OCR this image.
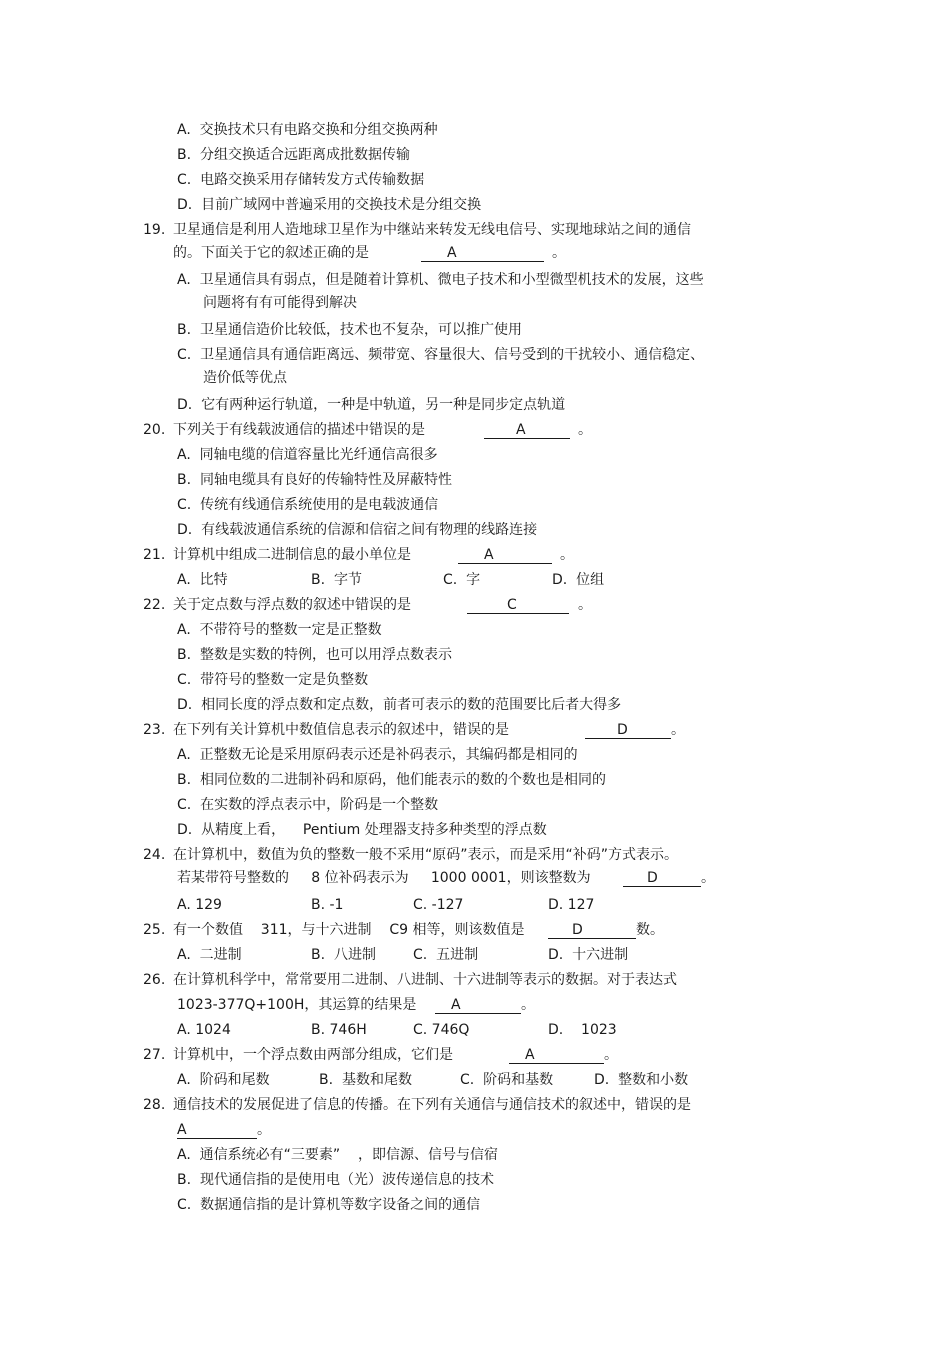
A.  交换技术只有电路交换和分组交换两种
B.  分组交换适合远距离成批数据传输
C.  电路交换采用存储转发方式传输数据
D.  目前广域网中普遍采用的交换技术是分组交换
19. 卫星通信是利用人造地球卫星作为中继站来转发无线电信号、实现地球站之间的通信
的。下面关于它的叙述正确的是	A	。
A.  卫星通信具有弱点，但是随着计算机、微电子技术和小型微型机技术的发展，这些
问题将有有可能得到解决
B.  卫星通信造价比较低，技术也不复杂，可以推广使用
C.  卫星通信具有通信距离远、频带宽、容量很大、信号受到的干扰较小、通信稳定、
造价低等优点
D.  它有两种运行轨道，一种是中轨道，另一种是同步定点轨道
20. 下列关于有线载波通信的描述中错误的是	A	。
A.  同轴电缆的信道容量比光纤通信高很多
B.  同轴电缆具有良好的传输特性及屏蔽特性
C.  传统有线通信系统使用的是电载波通信
D.  有线载波通信系统的信源和信宿之间有物理的线路连接
21. 计算机中组成二进制信息的最小单位是	A	。
A.  比特	B.  字节	C.  字	D.  位组
22. 关于定点数与浮点数的叙述中错误的是	C	。
A.  不带符号的整数一定是正整数
B.  整数是实数的特例，也可以用浮点数表示
C.  带符号的整数一定是负整数
D.  相同长度的浮点数和定点数，前者可表示的数的范围要比后者大得多
23. 在下列有关计算机中数值信息表示的叙述中，错误的是	D	。
A.  正整数无论是采用原码表示还是补码表示，其编码都是相同的
B.  相同位数的二进制补码和原码，他们能表示的数的个数也是相同的
C.  在实数的浮点表示中，阶码是一个整数
D.  从精度上看，    Pentium 处理器支持多种类型的浮点数
24. 在计算机中，数值为负的整数一般不采用“原码”表示，而是采用“补码”方式表示。
若某带符号整数的     8 位补码表示为     1000 0001，则该整数为	D	。
A. 129	B. -1	C. -127	D. 127
25. 有一个数值    311，与十六进制    C9 相等，则该数值是	D	数。
A.  二进制	B.  八进制	C.  五进制	D.  十六进制
26. 在计算机科学中，常常要用二进制、八进制、十六进制等表示的数据。对于表达式
1023-377Q+100H，其运算的结果是 A	。
A. 1024	B. 746H	C. 746Q	D.    1023
27. 计算机中，一个浮点数由两部分组成，它们是	A	。
A.  阶码和尾数	B.  基数和尾数	C.  阶码和基数	D.  整数和小数
28. 通信技术的发展促进了信息的传播。在下列有关通信与通信技术的叙述中，错误的是
A	。
A.  通信系统必有“三要素”    ，即信源、信号与信宿
B.  现代通信指的是使用电（光）波传递信息的技术
C.  数据通信指的是计算机等数字设备之间的通信
